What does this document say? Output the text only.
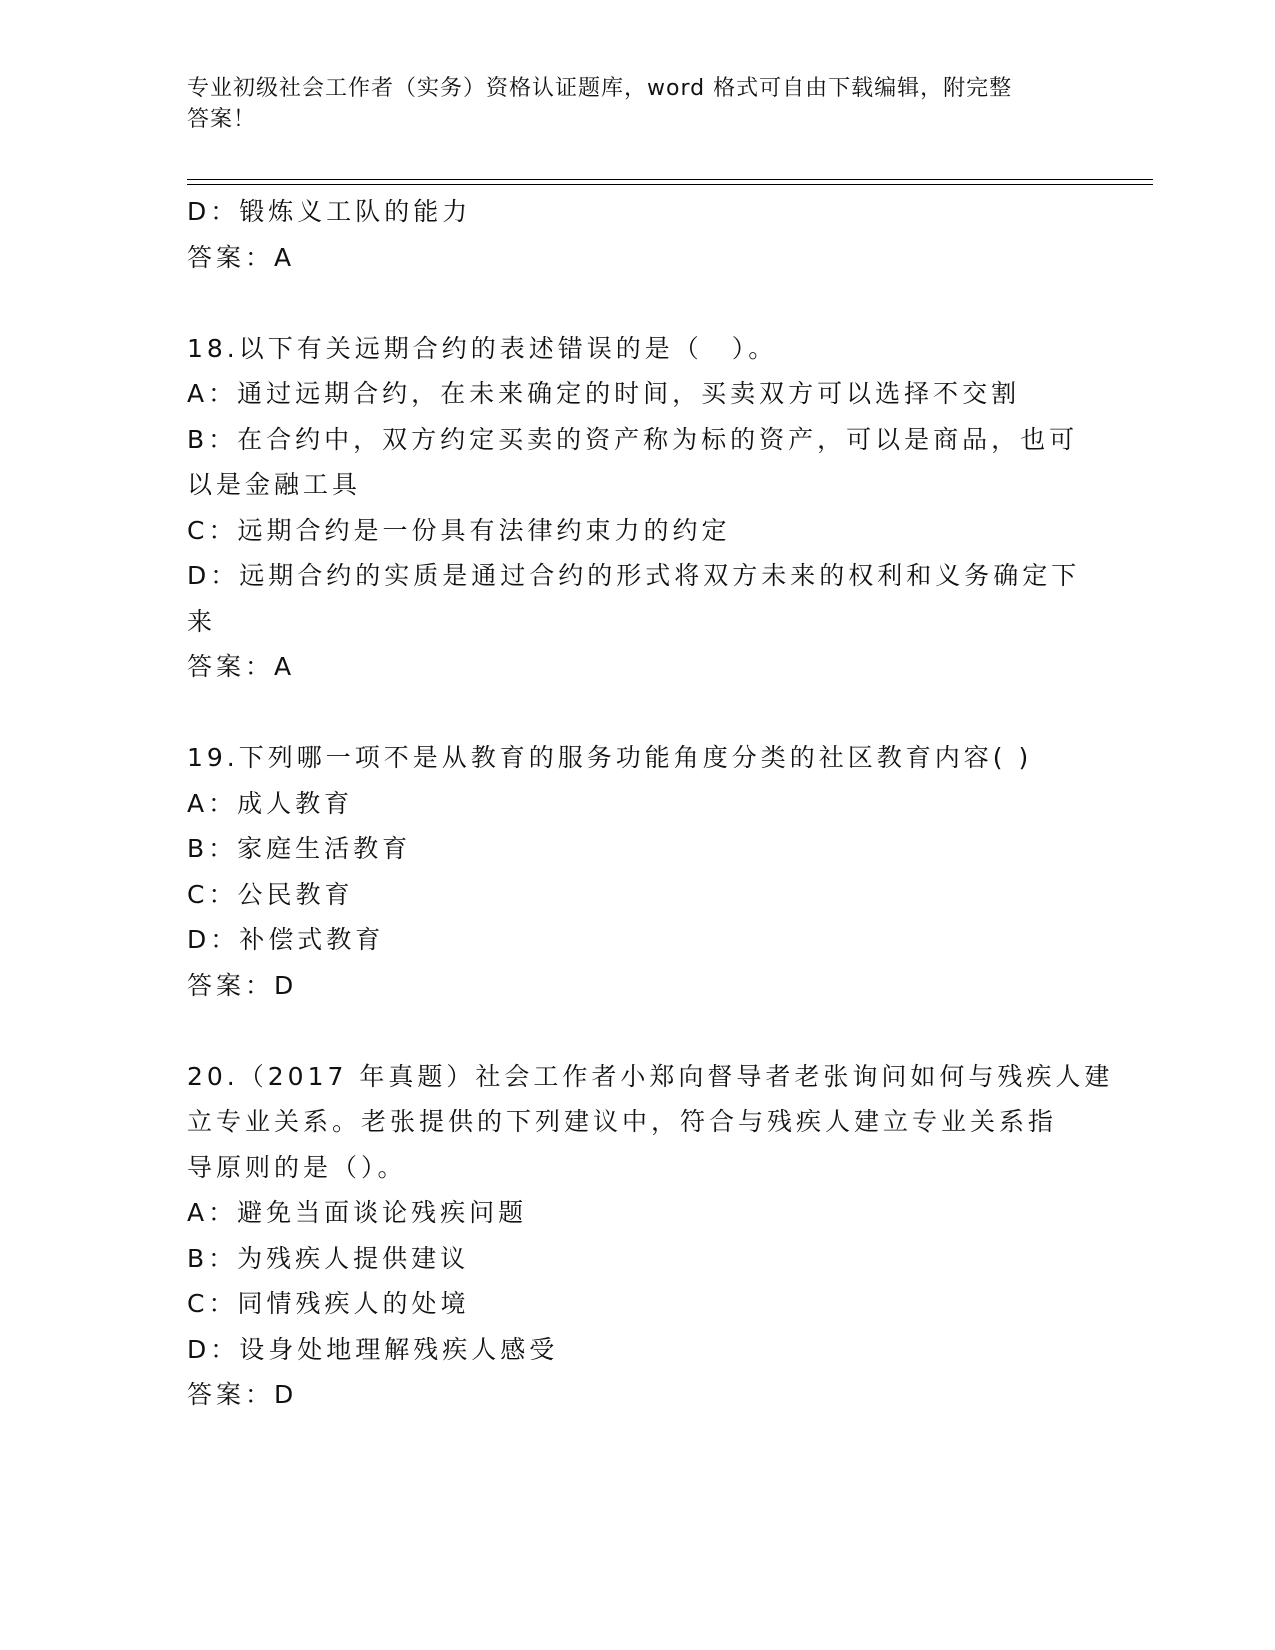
专业初级社会工作者（实务）资格认证题库，word 格式可自由下载编辑，附完整
答案！
D：锻炼义工队的能力
答案：A
18.以下有关远期合约的表述错误的是（　）。
A：通过远期合约，在未来确定的时间，买卖双方可以选择不交割
B：在合约中，双方约定买卖的资产称为标的资产，可以是商品，也可
以是金融工具
C：远期合约是一份具有法律约束力的约定
D：远期合约的实质是通过合约的形式将双方未来的权利和义务确定下
来
答案：A
19.下列哪一项不是从教育的服务功能角度分类的社区教育内容( )
A：成人教育
B：家庭生活教育
C：公民教育
D：补偿式教育
答案：D
20.（2017 年真题）社会工作者小郑向督导者老张询问如何与残疾人建
立专业关系。老张提供的下列建议中，符合与残疾人建立专业关系指
导原则的是（）。
A：避免当面谈论残疾问题
B：为残疾人提供建议
C：同情残疾人的处境
D：设身处地理解残疾人感受
答案：D
